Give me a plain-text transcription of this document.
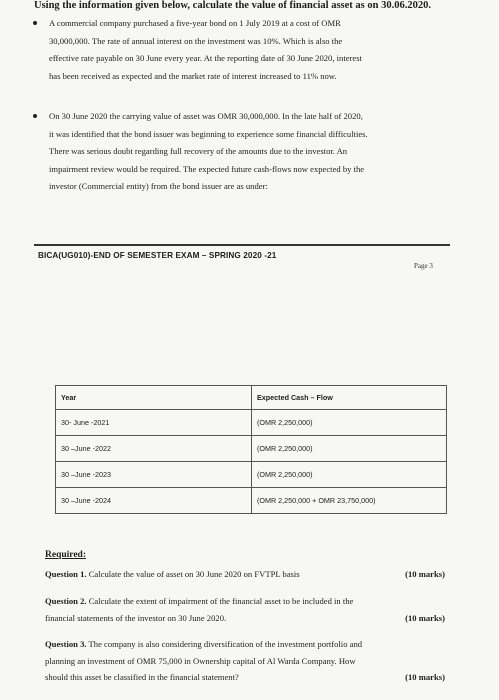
Using the information given below, calculate the value of financial asset as on 30.06.2020.
A commercial company purchased a five-year bond on 1 July 2019 at a cost of OMR
30,000,000. The rate of annual interest on the investment was 10%. Which is also the
effective rate payable on 30 June every year. At the reporting date of 30 June 2020, interest
has been received as expected and the market rate of interest increased to 11% now.
On 30 June 2020 the carrying value of asset was OMR 30,000,000. In the late half of 2020,
it was identified that the bond issuer was beginning to experience some financial difficulties.
There was serious doubt regarding full recovery of the amounts due to the investor. An
impairment review would be required. The expected future cash-flows now expected by the
investor (Commercial entity) from the bond issuer are as under:
BICA(UG010)-END OF SEMESTER EXAM – SPRING 2020 -21
Page 3
Year	Expected Cash – Flow
30- June -2021	(OMR 2,250,000)
30 –June -2022	(OMR 2,250,000)
30 –June -2023	(OMR 2,250,000)
30 –June -2024	(OMR 2,250,000 + OMR 23,750,000)
Required:
Question 1. Calculate the value of asset on 30 June 2020 on FVTPL basis	(10 marks)
Question 2. Calculate the extent of impairment of the financial asset to be included in the
financial statements of the investor on 30 June 2020.	(10 marks)
Question 3. The company is also considering diversification of the investment portfolio and
planning an investment of OMR 75,000 in Ownership capital of Al Warda Company. How
should this asset be classified in the financial statement?	(10 marks)
